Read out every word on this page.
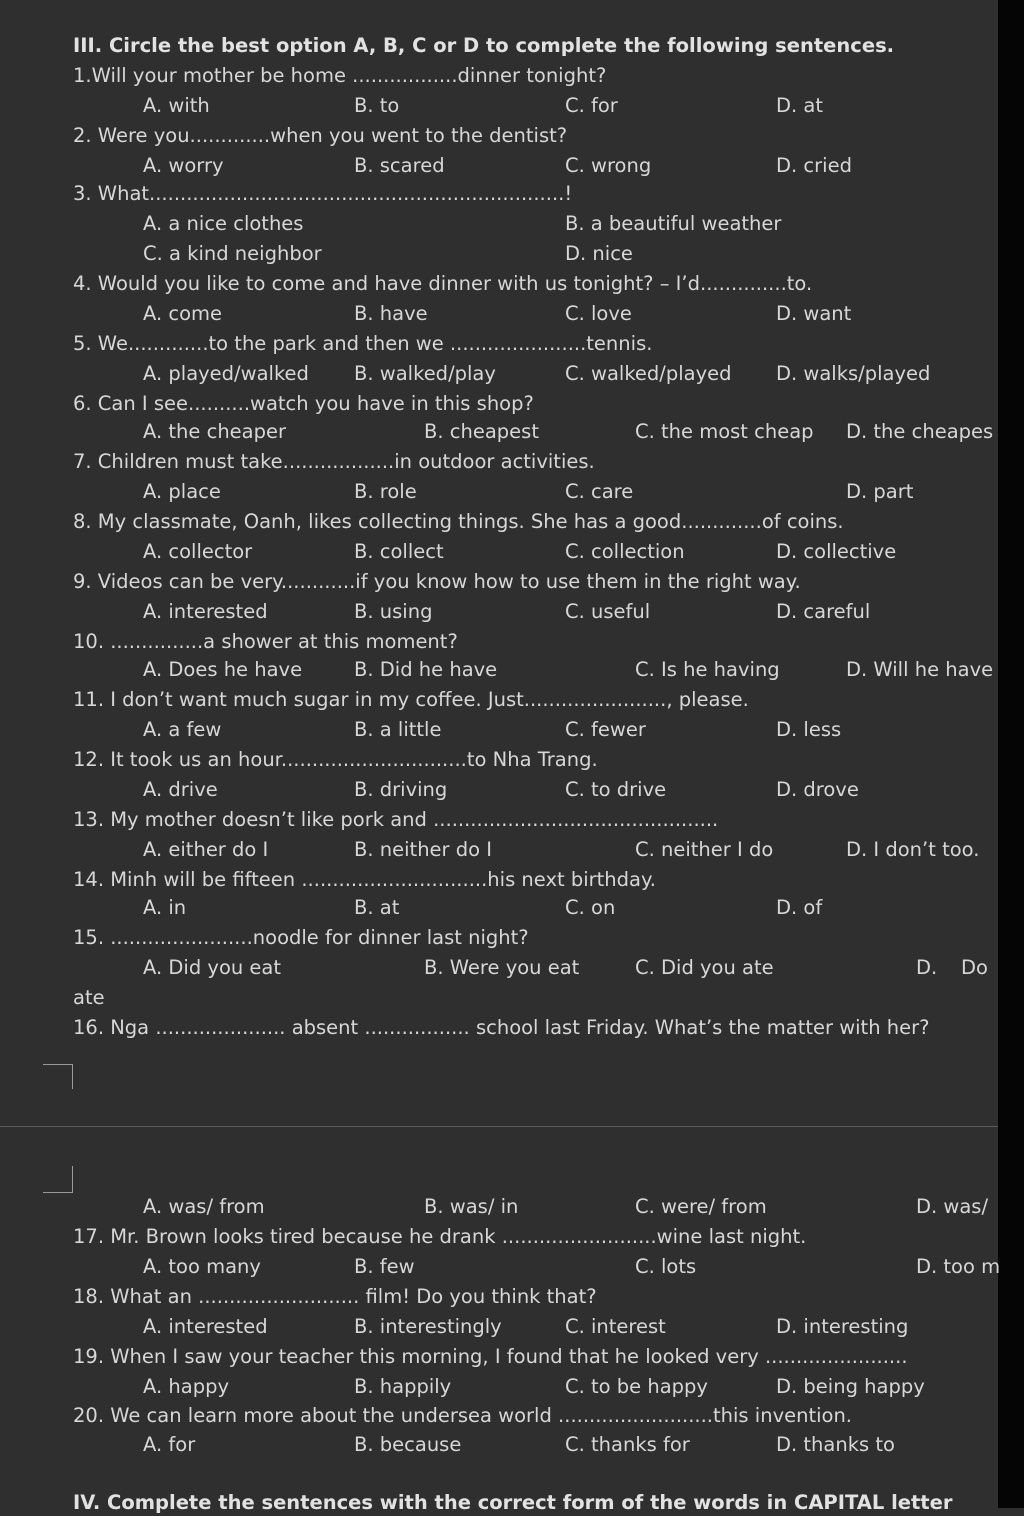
III. Circle the best option A, B, C or D to complete the following sentences.
1.Will your mother be home .................dinner tonight?
A. with	B. to	C. for	D. at
2. Were you.............when you went to the dentist?
A. worry	B. scared	C. wrong	D. cried
3. What...................................................................!
A. a nice clothes	B. a beautiful weather
C. a kind neighbor	D. nice
4. Would you like to come and have dinner with us tonight? – I’d..............to.
A. come	B. have	C. love	D. want
5. We.............to the park and then we ......................tennis.
A. played/walked B. walked/play	C. walked/played D. walks/played
6. Can I see..........watch you have in this shop?
A. the cheaper	B. cheapest	C. the most cheap D. the cheapes
7. Children must take..................in outdoor activities.
A. place	B. role	C. care	D. part
8. My classmate, Oanh, likes collecting things. She has a good.............of coins.
A. collector	B. collect	C. collection	D. collective
9. Videos can be very............if you know how to use them in the right way.
A. interested	B. using	C. useful	D. careful
10. ...............a shower at this moment?
A. Does he have	B. Did he have	C. Is he having	D. Will he have
11. I don’t want much sugar in my coffee. Just......................., please.
A. a few	B. a little	C. fewer	D. less
12. It took us an hour..............................to Nha Trang.
A. drive	B. driving	C. to drive	D. drove
13. My mother doesn’t like pork and ..............................................
A. either do I	B. neither do I	C. neither I do	D. I don’t too.
14. Minh will be fifteen ..............................his next birthday.
A. in	B. at	C. on	D. of
15. .......................noodle for dinner last night?
A. Did you eat	B. Were you eat	C. Did you ate	D. Do
ate
16. Nga ..................... absent ................. school last Friday. What’s the matter with her?
A. was/ from	B. was/ in	C. were/ from	D. was/
17. Mr. Brown looks tired because he drank .........................wine last night.
A. too many	B. few	C. lots	D. too m
18. What an .......................... film! Do you think that?
A. interested	B. interestingly	C. interest	D. interesting
19. When I saw your teacher this morning, I found that he looked very .......................
A. happy	B. happily	C. to be happy	D. being happy
20. We can learn more about the undersea world .........................this invention.
A. for	B. because	C. thanks for	D. thanks to
IV. Complete the sentences with the correct form of the words in CAPITAL letter
